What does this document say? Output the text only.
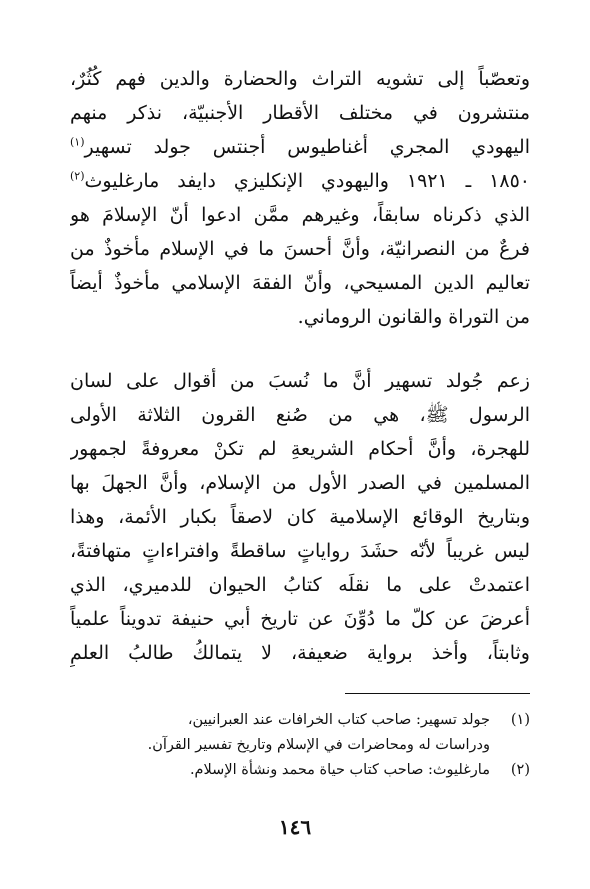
وتعصّباً إلى تشويه التراث والحضارة والدين فهم كُثُرٌ،
منتشرون في مختلف الأقطار الأجنبيّة، نذكر منهم
اليهودي المجري أغناطيوس أجنتس جولد تسهير$^{(١)}$
١٨٥٠ ـ ١٩٢١ واليهودي الإنكليزي دايفد مارغليوث$^{(٢)}$
الذي ذكرناه سابقاً، وغيرهم ممَّن ادعوا أنّ الإسلامَ هو
فرعٌ من النصرانيّة، وأنَّ أحسنَ ما في الإسلام مأخوذٌ من
تعاليم الدين المسيحي، وأنّ الفقهَ الإسلامي مأخوذٌ أيضاً
من التوراة والقانون الروماني.
زعم جُولد تسهير أنَّ ما نُسبَ من أقوال على لسان
الرسول ﷺ، هي من صُنع القرون الثلاثة الأولى
للهجرة، وأنَّ أحكام الشريعةِ لم تكنْ معروفةً لجمهور
المسلمين في الصدر الأول من الإسلام، وأنَّ الجهلَ بها
وبتاريخ الوقائع الإسلامية كان لاصقاً بكبار الأئمة، وهذا
ليس غريباً لأنّه حشَدَ رواياتٍ ساقطةً وافتراءاتٍ متهافتةً،
اعتمدتْ على ما نقلَه كتابُ الحيوان للدميري، الذي
أعرضَ عن كلّ ما دُوِّنَ عن تاريخ أبي حنيفة تدويناً علمياً
وثابتاً، وأخذ برواية ضعيفة، لا يتمالكُ طالبُ العلمِ
(١)
جولد تسهير: صاحب كتاب الخرافات عند العبرانيين،
ودراسات له ومحاضرات في الإسلام وتاريخ تفسير القرآن.
(٢)
مارغليوث: صاحب كتاب حياة محمد ونشأة الإسلام.
١٤٦
